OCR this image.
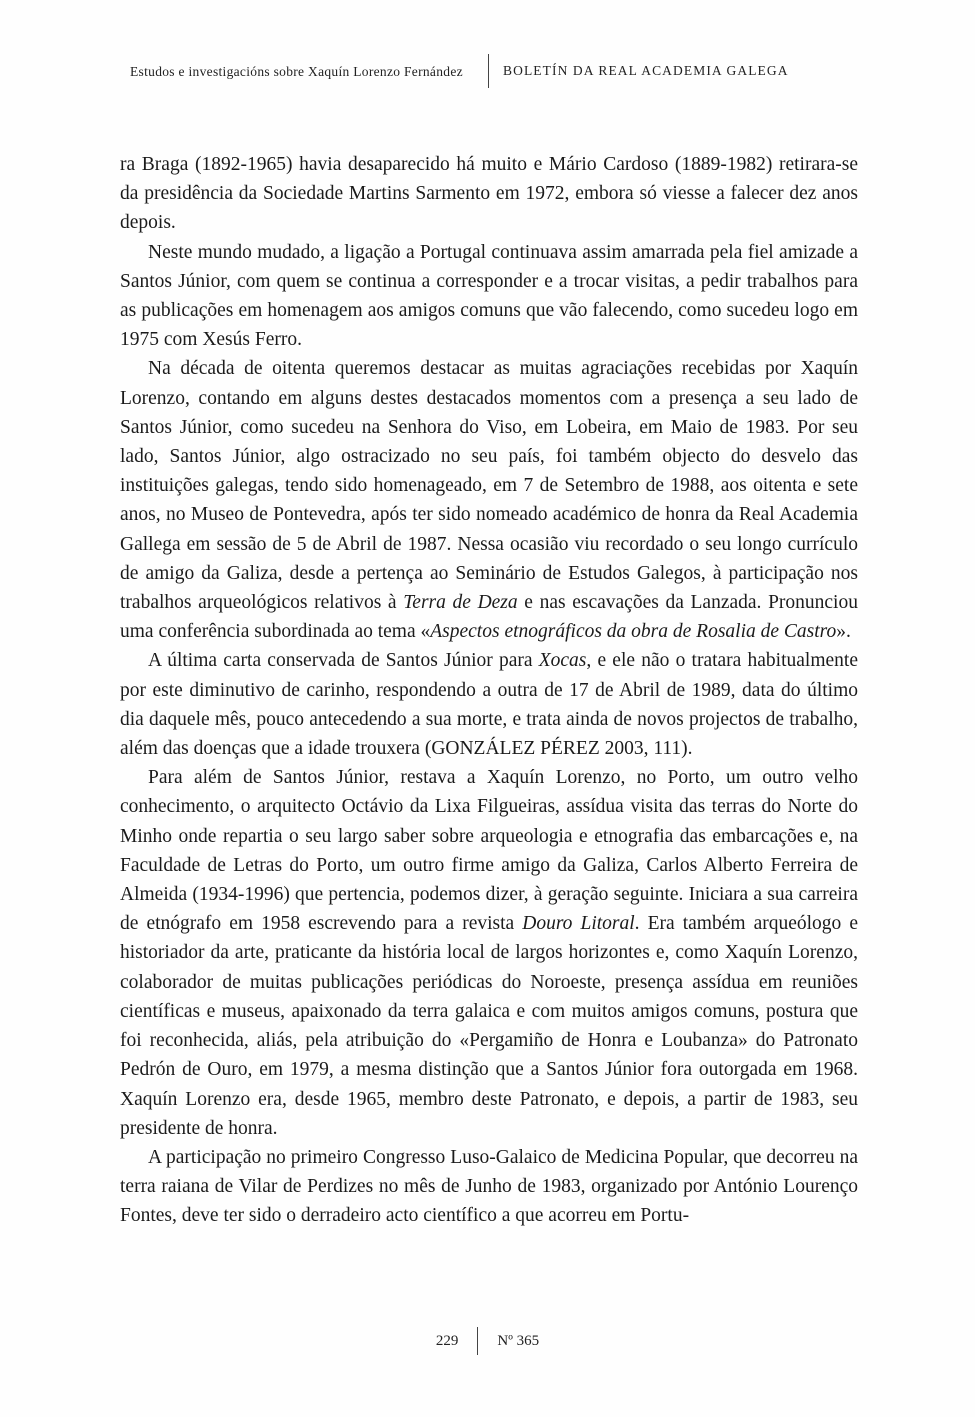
Estudos e investigacións sobre Xaquín Lorenzo Fernández	BOLETÍN DA REAL ACADEMIA GALEGA

ra Braga (1892-1965) havia desaparecido há muito e Mário Cardoso (1889-1982) retirara-se da presidência da Sociedade Martins Sarmento em 1972, embora só viesse a falecer dez anos depois.

Neste mundo mudado, a ligação a Portugal continuava assim amarrada pela fiel amizade a Santos Júnior, com quem se continua a corresponder e a trocar visitas, a pedir trabalhos para as publicações em homenagem aos amigos comuns que vão falecendo, como sucedeu logo em 1975 com Xesús Ferro.

Na década de oitenta queremos destacar as muitas agraciações recebidas por Xaquín Lorenzo, contando em alguns destes destacados momentos com a presença a seu lado de Santos Júnior, como sucedeu na Senhora do Viso, em Lobeira, em Maio de 1983. Por seu lado, Santos Júnior, algo ostracizado no seu país, foi também objecto do desvelo das instituições galegas, tendo sido homenageado, em 7 de Setembro de 1988, aos oitenta e sete anos, no Museo de Pontevedra, após ter sido nomeado académico de honra da Real Academia Gallega em sessão de 5 de Abril de 1987. Nessa ocasião viu recordado o seu longo currículo de amigo da Galiza, desde a pertença ao Seminário de Estudos Galegos, à participação nos trabalhos arqueológicos relativos à Terra de Deza e nas escavações da Lanzada. Pronunciou uma conferência subordinada ao tema «Aspectos etnográficos da obra de Rosalia de Castro».

A última carta conservada de Santos Júnior para Xocas, e ele não o tratara habitualmente por este diminutivo de carinho, respondendo a outra de 17 de Abril de 1989, data do último dia daquele mês, pouco antecedendo a sua morte, e trata ainda de novos projectos de trabalho, além das doenças que a idade trouxera (GONZÁLEZ PÉREZ 2003, 111).

Para além de Santos Júnior, restava a Xaquín Lorenzo, no Porto, um outro velho conhecimento, o arquitecto Octávio da Lixa Filgueiras, assídua visita das terras do Norte do Minho onde repartia o seu largo saber sobre arqueologia e etnografia das embarcações e, na Faculdade de Letras do Porto, um outro firme amigo da Galiza, Carlos Alberto Ferreira de Almeida (1934-1996) que pertencia, podemos dizer, à geração seguinte. Iniciara a sua carreira de etnógrafo em 1958 escrevendo para a revista Douro Litoral. Era também arqueólogo e historiador da arte, praticante da história local de largos horizontes e, como Xaquín Lorenzo, colaborador de muitas publicações periódicas do Noroeste, presença assídua em reuniões científicas e museus, apaixonado da terra galaica e com muitos amigos comuns, postura que foi reconhecida, aliás, pela atribuição do «Pergamiño de Honra e Loubanza» do Patronato Pedrón de Ouro, em 1979, a mesma distinção que a Santos Júnior fora outorgada em 1968. Xaquín Lorenzo era, desde 1965, membro deste Patronato, e depois, a partir de 1983, seu presidente de honra.

A participação no primeiro Congresso Luso-Galaico de Medicina Popular, que decorreu na terra raiana de Vilar de Perdizes no mês de Junho de 1983, organizado por António Lourenço Fontes, deve ter sido o derradeiro acto científico a que acorreu em Portu-

229	Nº 365
